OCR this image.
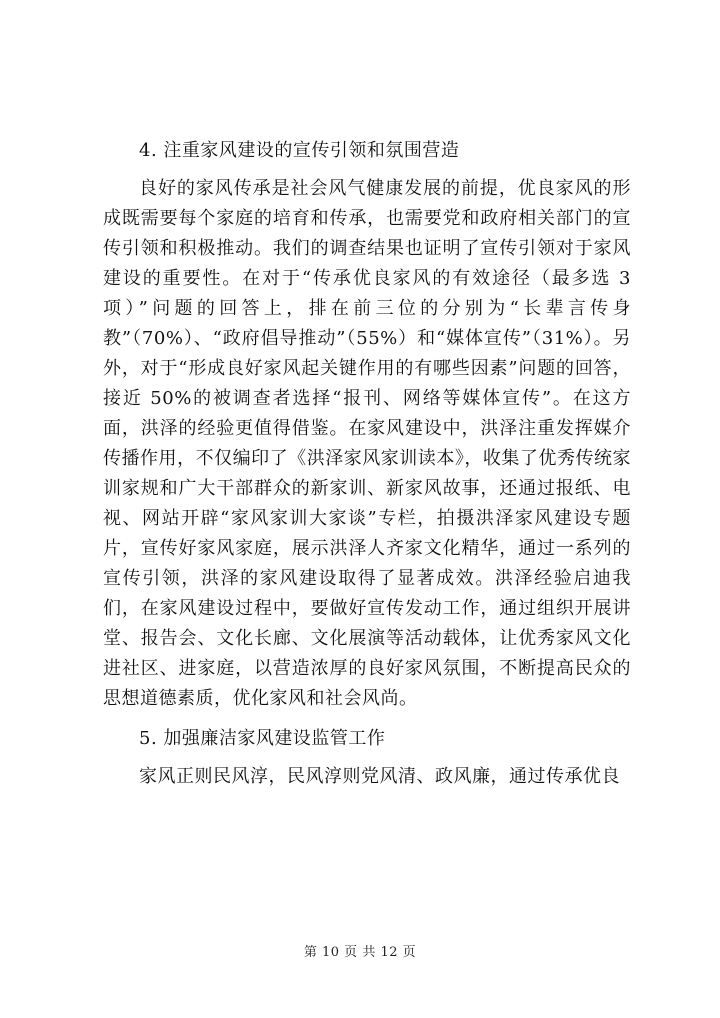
4. 注重家风建设的宣传引领和氛围营造

良好的家风传承是社会风气健康发展的前提，优良家风的形成既需要每个家庭的培育和传承，也需要党和政府相关部门的宣传引领和积极推动。我们的调查结果也证明了宣传引领对于家风建设的重要性。在对于“传承优良家风的有效途径（最多选 3 项）”问题的回答上，排在前三位的分别为“长辈言传身教”（70%）、“政府倡导推动”（55%）和“媒体宣传”（31%）。另外，对于“形成良好家风起关键作用的有哪些因素”问题的回答，接近 50%的被调查者选择“报刊、网络等媒体宣传”。在这方面，洪泽的经验更值得借鉴。在家风建设中，洪泽注重发挥媒介传播作用，不仅编印了《洪泽家风家训读本》，收集了优秀传统家训家规和广大干部群众的新家训、新家风故事，还通过报纸、电视、网站开辟“家风家训大家谈”专栏，拍摄洪泽家风建设专题片，宣传好家风家庭，展示洪泽人齐家文化精华，通过一系列的宣传引领，洪泽的家风建设取得了显著成效。洪泽经验启迪我们，在家风建设过程中，要做好宣传发动工作，通过组织开展讲堂、报告会、文化长廊、文化展演等活动载体，让优秀家风文化进社区、进家庭，以营造浓厚的良好家风氛围，不断提高民众的思想道德素质，优化家风和社会风尚。

5. 加强廉洁家风建设监管工作

家风正则民风淳，民风淳则党风清、政风廉，通过传承优良

第 10 页 共 12 页
